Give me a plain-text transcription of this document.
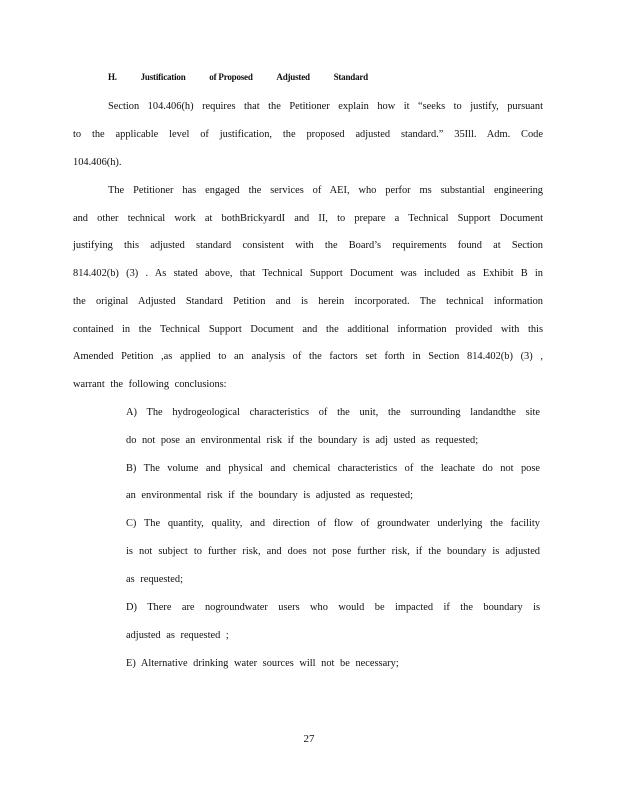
H.	Justification	of Proposed	Adjusted	Standard
Section 104.406(h) requires that the Petitioner explain how it “seeks to justify, pursuant
to the applicable level of justification, the proposed adjusted standard.” 35Ill. Adm. Code
104.406(h).
The Petitioner has engaged the services of AEI, who perfor ms substantial engineering
and other technical work at bothBrickyardI and II, to prepare a Technical Support Document
justifying this adjusted standard consistent with the Board’s requirements found at Section
814.402(b) (3) . As stated above, that Technical Support Document was included as Exhibit B in
the original Adjusted Standard Petition and is herein incorporated. The technical information
contained in the Technical Support Document and the additional information provided with this
Amended Petition ,as applied to an analysis of the factors set forth in Section 814.402(b) (3) ,
warrant the following conclusions:
A) The hydrogeological characteristics of the unit, the surrounding landandthe site
do not pose an environmental risk if the boundary is adj usted as requested;
B) The volume and physical and chemical characteristics of the leachate do not pose
an environmental risk if the boundary is adjusted as requested;
C) The quantity, quality, and direction of flow of groundwater underlying the facility
is not subject to further risk, and does not pose further risk, if the boundary is adjusted
as requested;
D) There are nogroundwater users who would be impacted if the boundary is
adjusted as requested ;
E) Alternative drinking water sources will not be necessary;
27
